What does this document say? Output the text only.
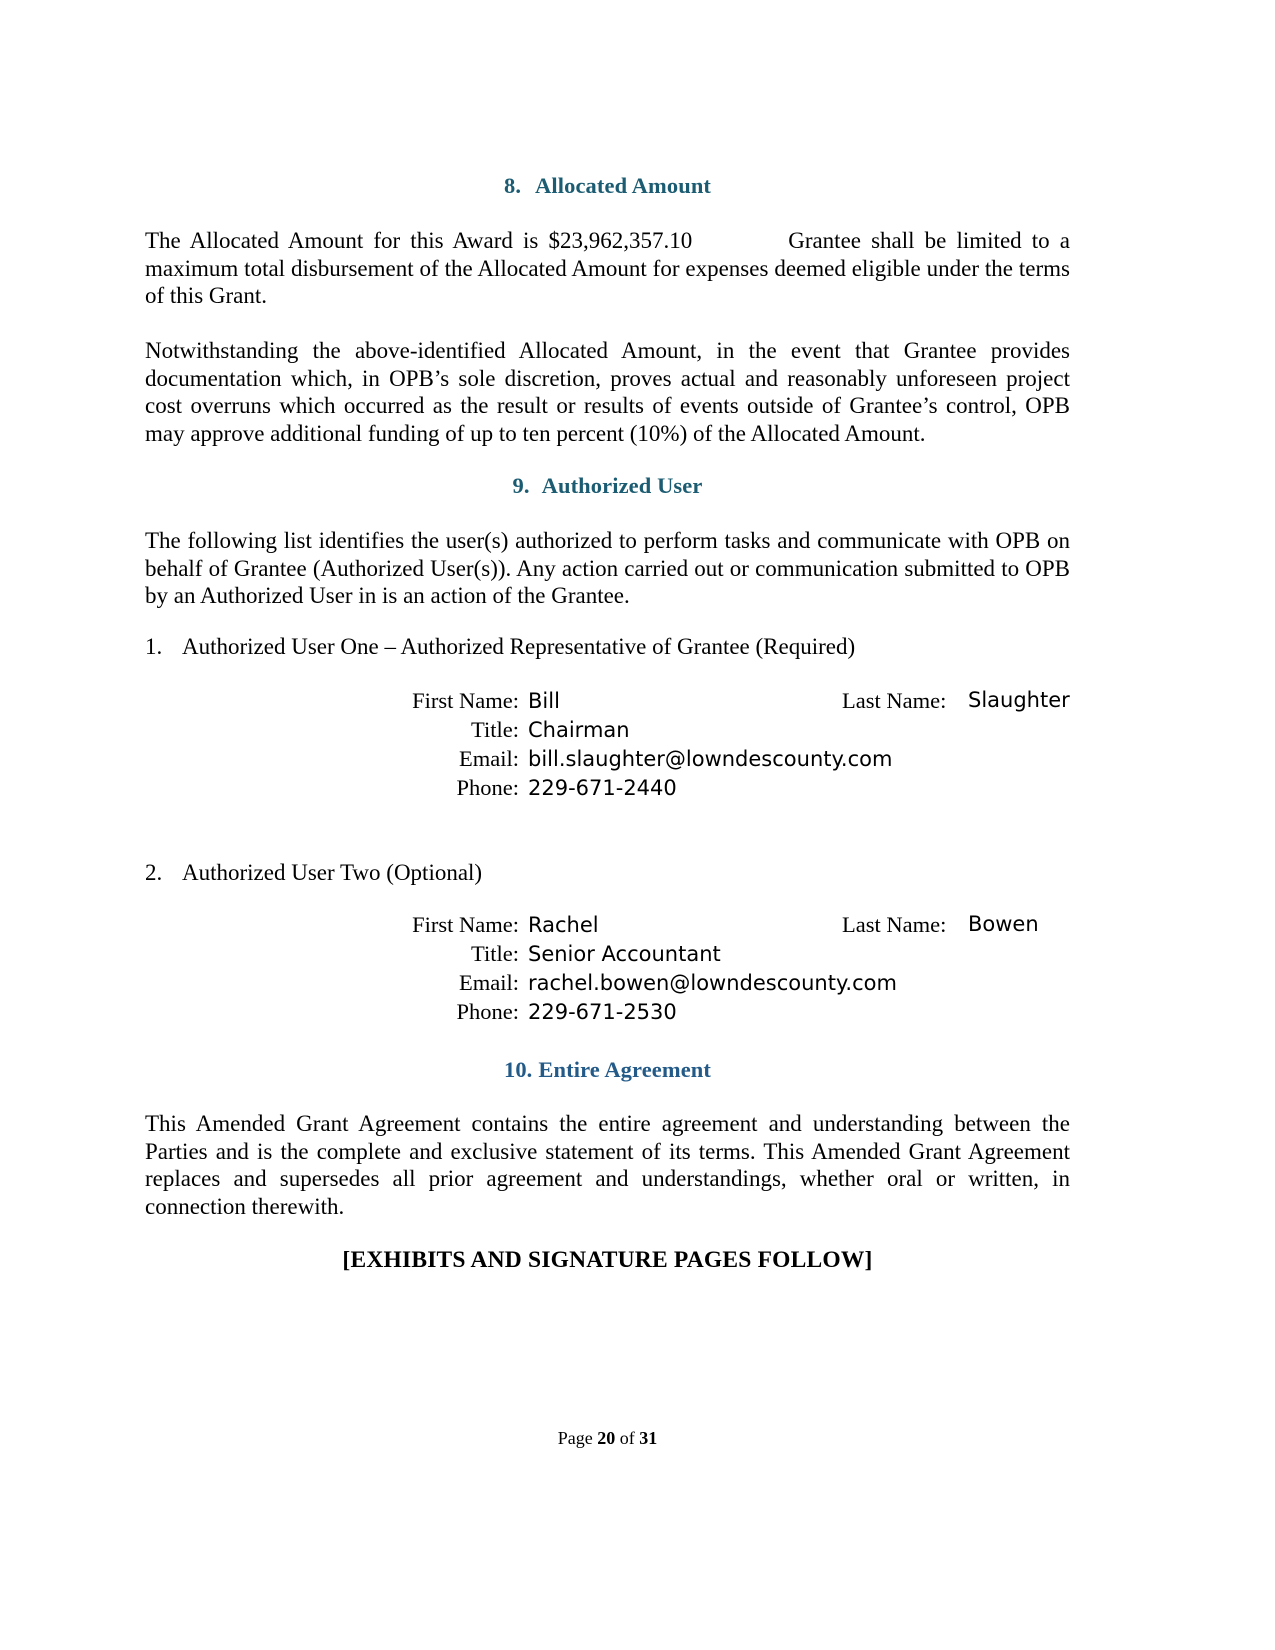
8. Allocated Amount

The Allocated Amount for this Award is $23,962,357.10	Grantee shall be limited to a maximum total disbursement of the Allocated Amount for expenses deemed eligible under the terms of this Grant.

Notwithstanding the above-identified Allocated Amount, in the event that Grantee provides documentation which, in OPB’s sole discretion, proves actual and reasonably unforeseen project cost overruns which occurred as the result or results of events outside of Grantee’s control, OPB may approve additional funding of up to ten percent (10%) of the Allocated Amount.

9. Authorized User

The following list identifies the user(s) authorized to perform tasks and communicate with OPB on behalf of Grantee (Authorized User(s)). Any action carried out or communication submitted to OPB by an Authorized User in is an action of the Grantee.

1. Authorized User One – Authorized Representative of Grantee (Required)
First Name: Bill	Last Name: Slaughter
Title: Chairman
Email: bill.slaughter@lowndescounty.com
Phone: 229-671-2440
2. Authorized User Two (Optional)
First Name: Rachel	Last Name: Bowen
Title: Senior Accountant
Email: rachel.bowen@lowndescounty.com
Phone: 229-671-2530
10. Entire Agreement

This Amended Grant Agreement contains the entire agreement and understanding between the Parties and is the complete and exclusive statement of its terms. This Amended Grant Agreement replaces and supersedes all prior agreement and understandings, whether oral or written, in connection therewith.

[EXHIBITS AND SIGNATURE PAGES FOLLOW]
Page 20 of 31
